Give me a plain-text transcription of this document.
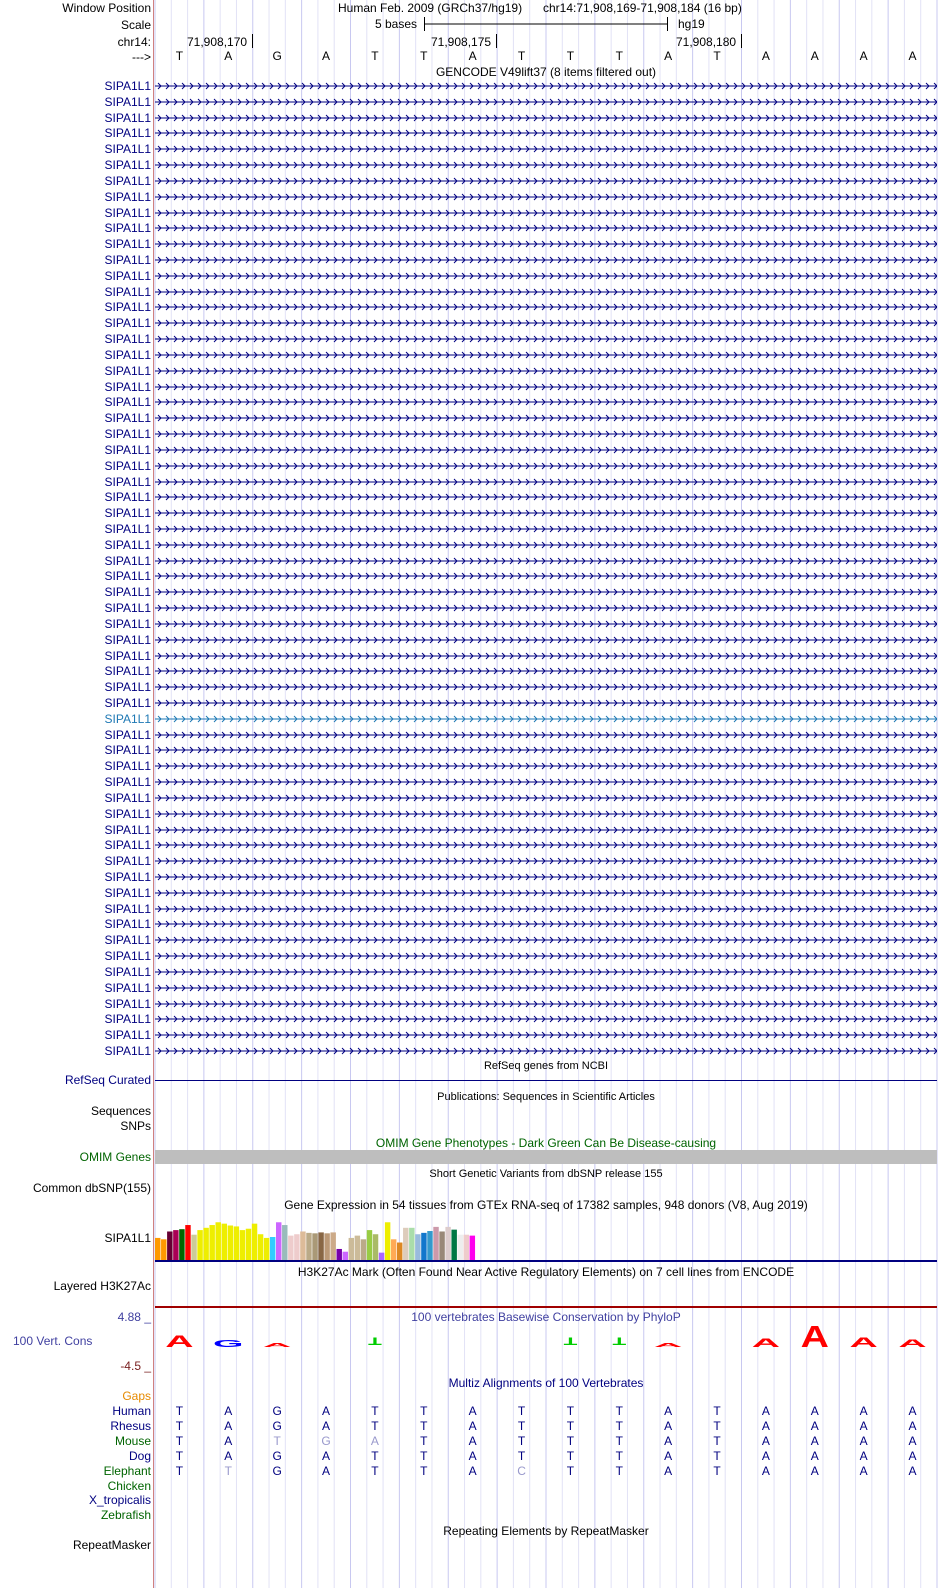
Window Position	Human Feb. 2009 (GRCh37/hg19) chr14:71,908,169-71,908,184 (16 bp)
Scale	5 bases	hg19
chr14:	71,908,170	71,908,175	71,908,180
---> T	A	G	A	T	T	A	T	T	T	A	T	A	A	A	A
GENCODE V49lift37 (8 items filtered out)
SIPA1L1
SIPA1L1
SIPA1L1
SIPA1L1
SIPA1L1
SIPA1L1
SIPA1L1
SIPA1L1
SIPA1L1
SIPA1L1
SIPA1L1
SIPA1L1
SIPA1L1
SIPA1L1
SIPA1L1
SIPA1L1
SIPA1L1
SIPA1L1
SIPA1L1
SIPA1L1
SIPA1L1
SIPA1L1
SIPA1L1
SIPA1L1
SIPA1L1
SIPA1L1
SIPA1L1
SIPA1L1
SIPA1L1
SIPA1L1
SIPA1L1
SIPA1L1
SIPA1L1
SIPA1L1
SIPA1L1
SIPA1L1
SIPA1L1
SIPA1L1
SIPA1L1
SIPA1L1
SIPA1L1
SIPA1L1
SIPA1L1
SIPA1L1
SIPA1L1
SIPA1L1
SIPA1L1
SIPA1L1
SIPA1L1
SIPA1L1
SIPA1L1
SIPA1L1
SIPA1L1
SIPA1L1
SIPA1L1
SIPA1L1
SIPA1L1
SIPA1L1
SIPA1L1
SIPA1L1
SIPA1L1
SIPA1L1
RefSeq genes from NCBI
RefSeq Curated
Publications: Sequences in Scientific Articles
Sequences
SNPs
OMIM Gene Phenotypes - Dark Green Can Be Disease-causing
OMIM Genes
Short Genetic Variants from dbSNP release 155
Common dbSNP(155)
Gene Expression in 54 tissues from GTEx RNA-seq of 17382 samples, 948 donors (V8, Aug 2019)
SIPA1L1
H3K27Ac Mark (Often Found Near Active Regulatory Elements) on 7 cell lines from ENCODE
Layered H3K27Ac
100 vertebrates Basewise Conservation by PhyloP
4.88 _
100 Vert. Cons
-4.5 _
A G A	T	T	T A A A A A
Multiz Alignments of 100 Vertebrates
Gaps
Human T	A	G	A	T	T	A	T	T	T	A	T	A	A	A	A
Rhesus T	A	G	A	T	T	A	T	T	T	A	T	A	A	A	A
Mouse T	A	T	G	A	T	A	T	T	T	A	T	A	A	A	A
Dog T	A	G	A	T	T	A	T	T	T	A	T	A	A	A	A
Elephant T	T	G	A	T	T	A	C	T	T	A	T	A	A	A	A
Chicken
X_tropicalis
Zebrafish
Repeating Elements by RepeatMasker
RepeatMasker
